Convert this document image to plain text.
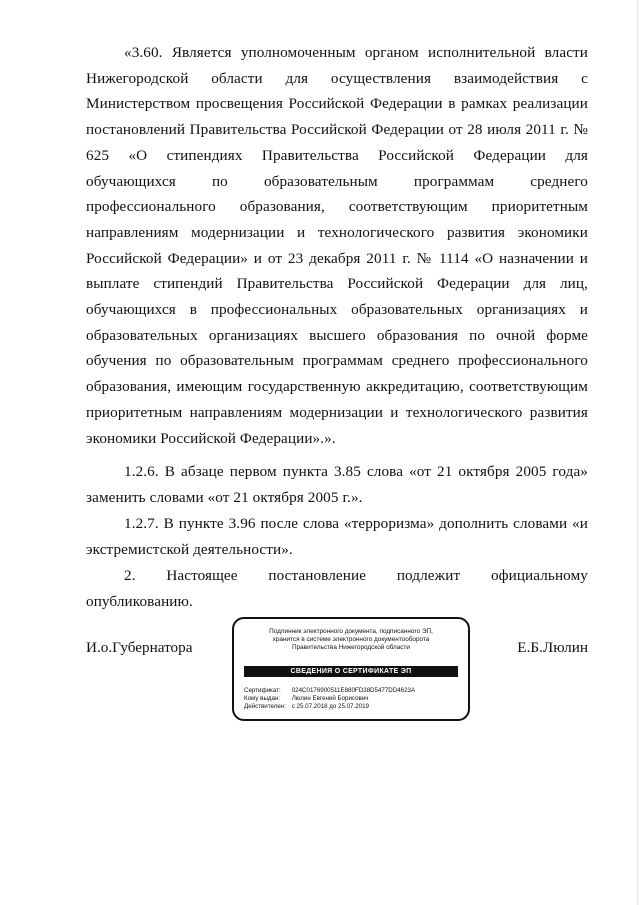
«3.60. Является уполномоченным органом исполнительной власти Нижегородской области для осуществления взаимодействия с Министерством просвещения Российской Федерации в рамках реализации постановлений Правительства Российской Федерации от 28 июля 2011 г. № 625 «О стипендиях Правительства Российской Федерации для обучающихся по образовательным программам среднего профессионального образования, соответствующим приоритетным направлениям модернизации и технологического развития экономики Российской Федерации» и от 23 декабря 2011 г. № 1114 «О назначении и выплате стипендий Правительства Российской Федерации для лиц, обучающихся в профессиональных образовательных организациях и образовательных организациях высшего образования по очной форме обучения по образовательным программам среднего профессионального образования, имеющим государственную аккредитацию, соответствующим приоритетным направлениям модернизации и технологического развития экономики Российской Федерации».».

1.2.6. В абзаце первом пункта 3.85 слова «от 21 октября 2005 года» заменить словами «от 21 октября 2005 г.».

1.2.7. В пункте 3.96 после слова «терроризма» дополнить словами «и экстремистской деятельности».

2. Настоящее постановление подлежит официальному опубликованию.

И.о.Губернатора
Подлинник электронного документа, подписанного ЭП,
хранится в системе электронного документооборота
Правительства Нижегородской области
СВЕДЕНИЯ О СЕРТИФИКАТЕ ЭП
Сертификат: 024C0176900511E880FD38D5477DD4623A
Кому выдан: Люлин Евгений Борисович
Действителен: с 25.07.2018 до 25.07.2019
Е.Б.Люлин
